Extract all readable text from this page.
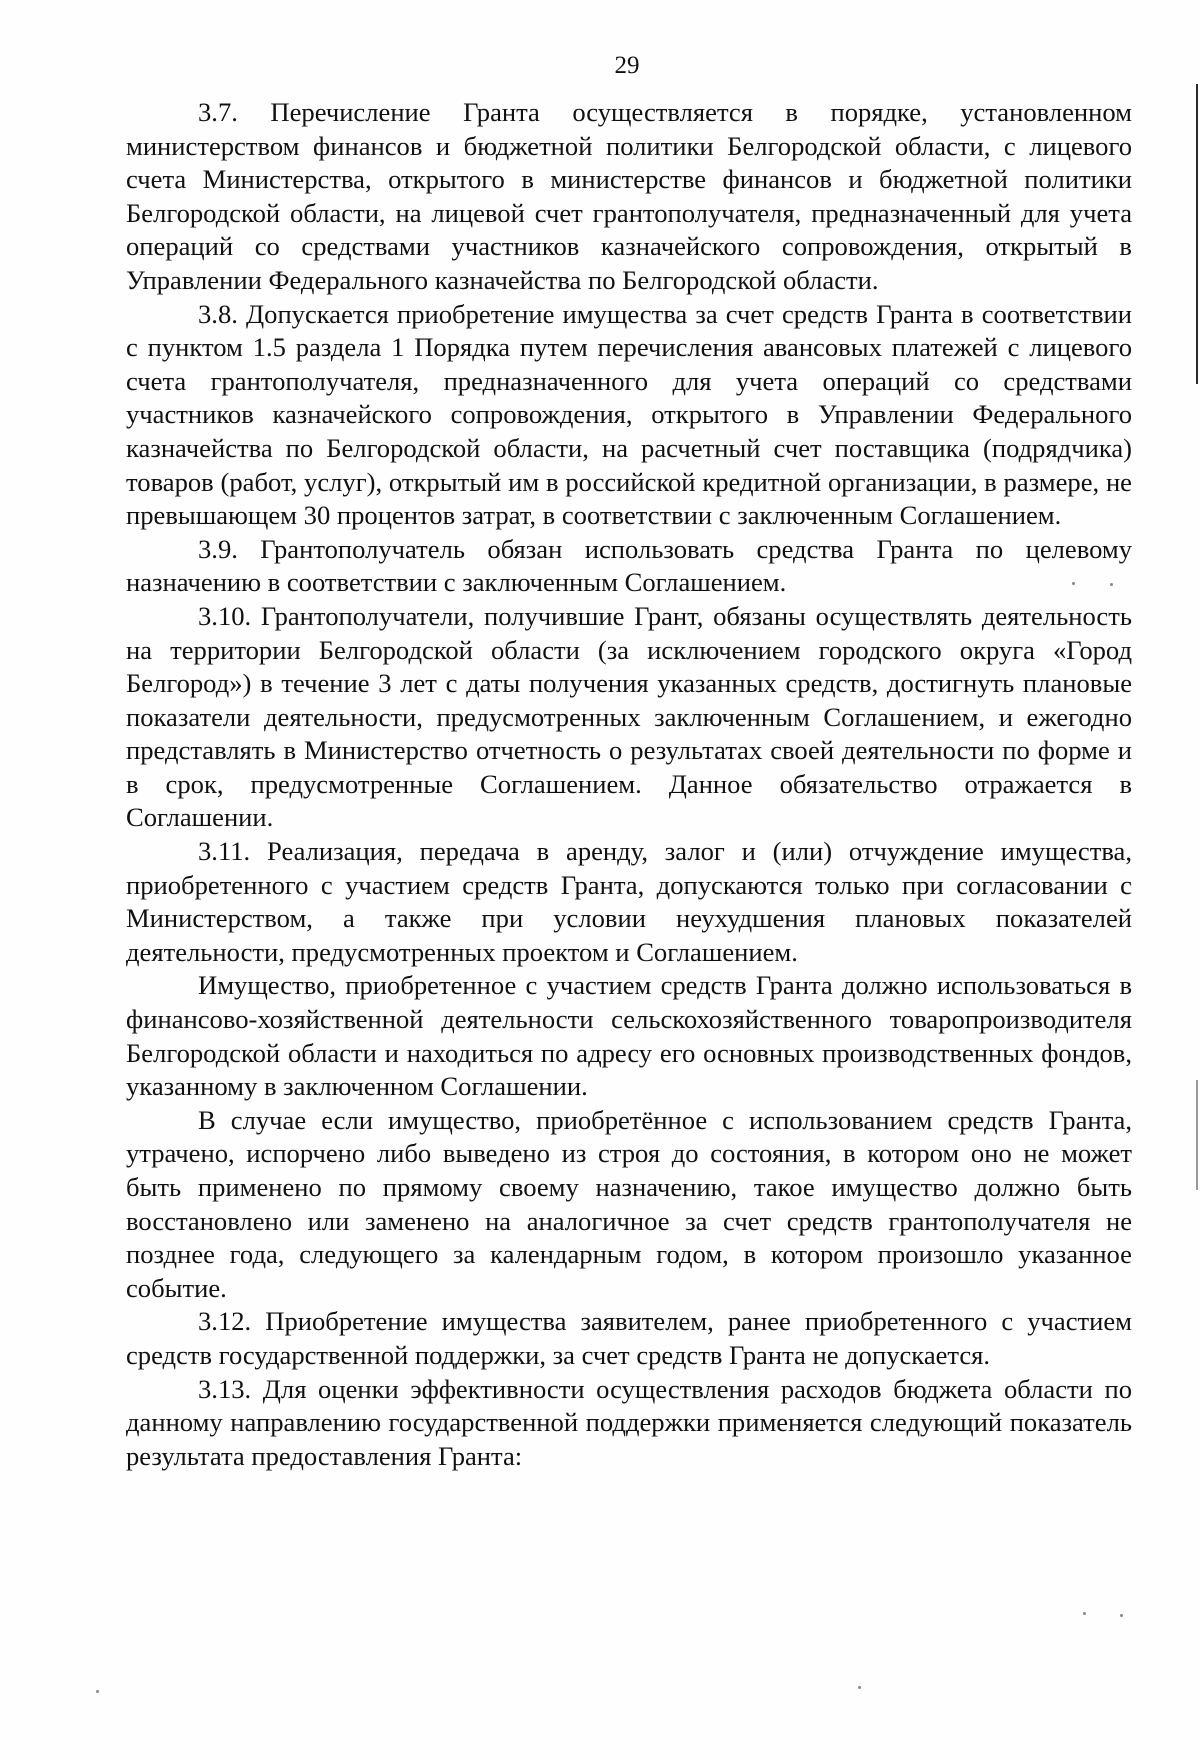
29

3.7. Перечисление Гранта осуществляется в порядке, установленном министерством финансов и бюджетной политики Белгородской области, с лицевого счета Министерства, открытого в министерстве финансов и бюджетной политики Белгородской области, на лицевой счет грантополучателя, предназначенный для учета операций со средствами участников казначейского сопровождения, открытый в Управлении Федерального казначейства по Белгородской области.

3.8. Допускается приобретение имущества за счет средств Гранта в соответствии с пунктом 1.5 раздела 1 Порядка путем перечисления авансовых платежей с лицевого счета грантополучателя, предназначенного для учета операций со средствами участников казначейского сопровождения, открытого в Управлении Федерального казначейства по Белгородской области, на расчетный счет поставщика (подрядчика) товаров (работ, услуг), открытый им в российской кредитной организации, в размере, не превышающем 30 процентов затрат, в соответствии с заключенным Соглашением.

3.9. Грантополучатель обязан использовать средства Гранта по целевому назначению в соответствии с заключенным Соглашением.

3.10. Грантополучатели, получившие Грант, обязаны осуществлять деятельность на территории Белгородской области (за исключением городского округа «Город Белгород») в течение 3 лет с даты получения указанных средств, достигнуть плановые показатели деятельности, предусмотренных заключенным Соглашением, и ежегодно представлять в Министерство отчетность о результатах своей деятельности по форме и в срок, предусмотренные Соглашением. Данное обязательство отражается в Соглашении.

3.11. Реализация, передача в аренду, залог и (или) отчуждение имущества, приобретенного с участием средств Гранта, допускаются только при согласовании с Министерством, а также при условии неухудшения плановых показателей деятельности, предусмотренных проектом и Соглашением.

Имущество, приобретенное с участием средств Гранта должно использоваться в финансово-хозяйственной деятельности сельскохозяйственного товаропроизводителя Белгородской области и находиться по адресу его основных производственных фондов, указанному в заключенном Соглашении.

В случае если имущество, приобретённое с использованием средств Гранта, утрачено, испорчено либо выведено из строя до состояния, в котором оно не может быть применено по прямому своему назначению, такое имущество должно быть восстановлено или заменено на аналогичное за счет средств грантополучателя не позднее года, следующего за календарным годом, в котором произошло указанное событие.

3.12. Приобретение имущества заявителем, ранее приобретенного с участием средств государственной поддержки, за счет средств Гранта не допускается.

3.13. Для оценки эффективности осуществления расходов бюджета области по данному направлению государственной поддержки применяется следующий показатель результата предоставления Гранта:
